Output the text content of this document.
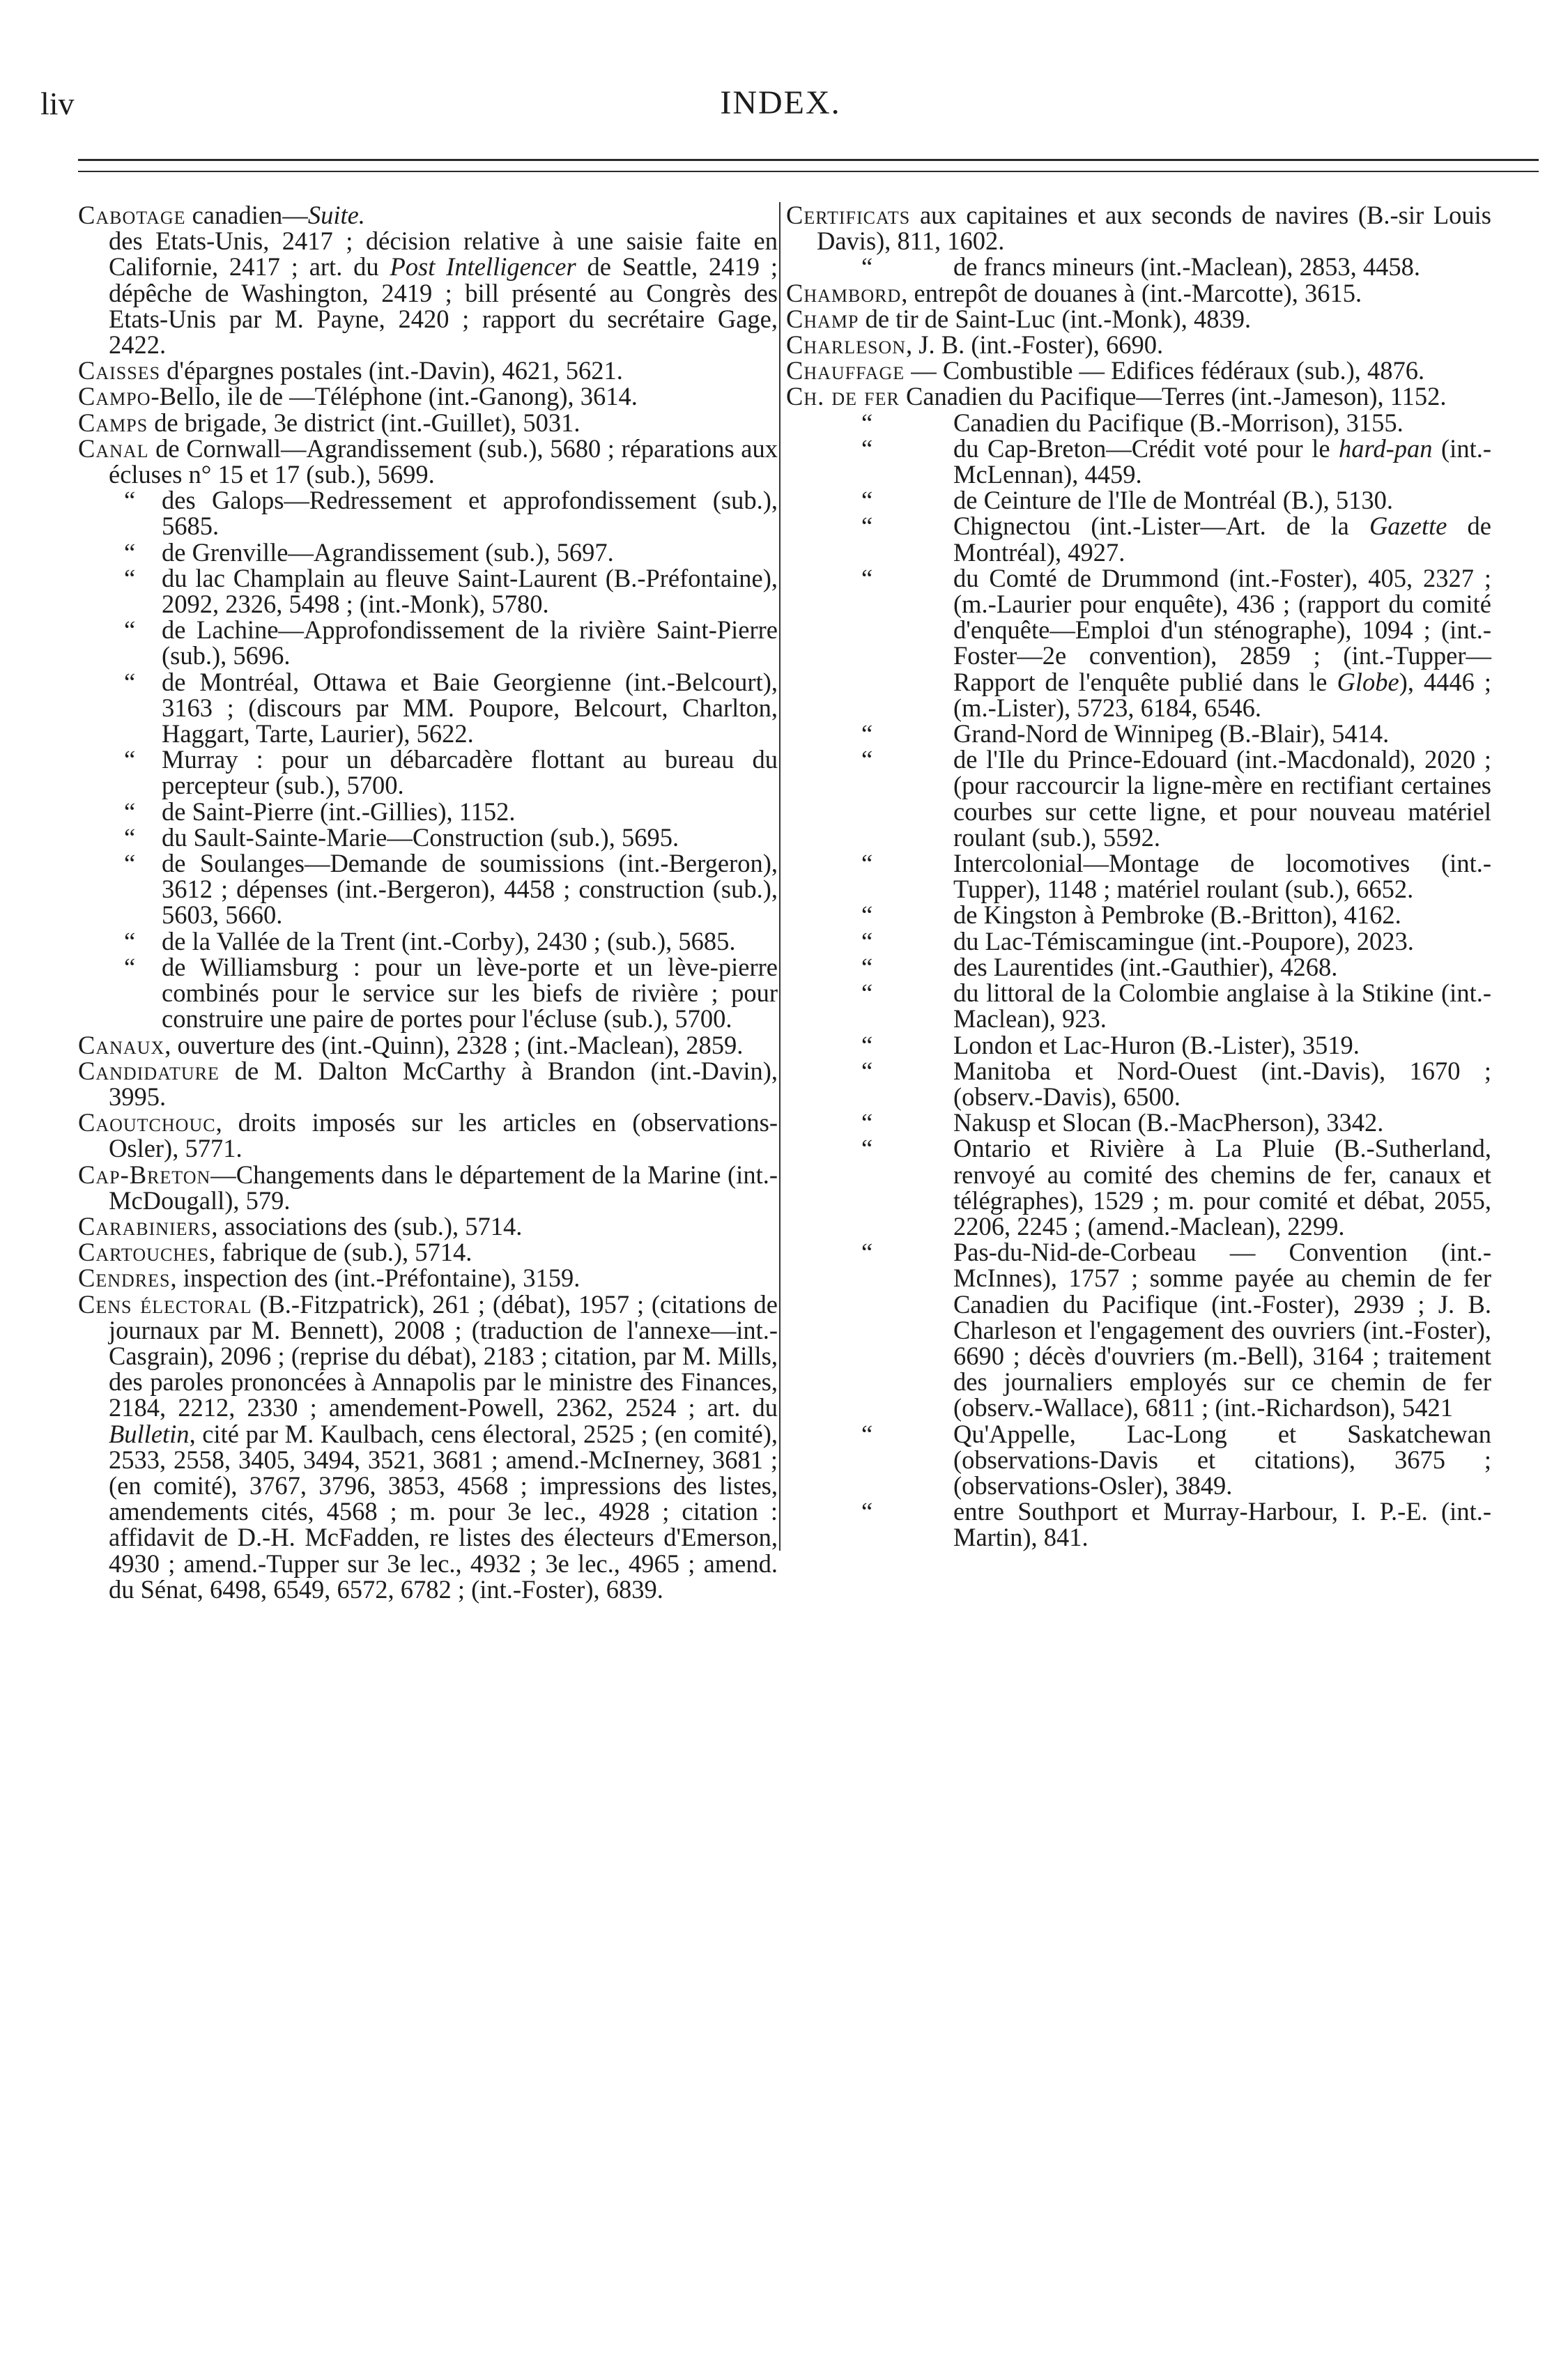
liv	INDEX.

Cabotage canadien—Suite.

des Etats-Unis, 2417 ; décision relative à une saisie faite en Californie, 2417 ; art. du Post Intelligencer de Seattle, 2419 ; dépêche de Washington, 2419 ; bill présenté au Congrès des Etats-Unis par M. Payne, 2420 ; rapport du secrétaire Gage, 2422.

Caisses d'épargnes postales (int.-Davin), 4621, 5621.

Campo-Bello, ile de —Téléphone (int.-Ganong), 3614.

Camps de brigade, 3e district (int.-Guillet), 5031.

Canal de Cornwall—Agrandissement (sub.), 5680 ; réparations aux écluses n° 15 et 17 (sub.), 5699.

“ des Galops—Redressement et approfondissement (sub.), 5685.

“ de Grenville—Agrandissement (sub.), 5697.

“ du lac Champlain au fleuve Saint-Laurent (B.-Préfontaine), 2092, 2326, 5498 ; (int.-Monk), 5780.

“ de Lachine—Approfondissement de la rivière Saint-Pierre (sub.), 5696.

“ de Montréal, Ottawa et Baie Georgienne (int.-Belcourt), 3163 ; (discours par MM. Poupore, Belcourt, Charlton, Haggart, Tarte, Laurier), 5622.

“ Murray : pour un débarcadère flottant au bureau du percepteur (sub.), 5700.

“ de Saint-Pierre (int.-Gillies), 1152.

“ du Sault-Sainte-Marie—Construction (sub.), 5695.

“ de Soulanges—Demande de soumissions (int.-Bergeron), 3612 ; dépenses (int.-Bergeron), 4458 ; construction (sub.), 5603, 5660.

“ de la Vallée de la Trent (int.-Corby), 2430 ; (sub.), 5685.

“ de Williamsburg : pour un lève-porte et un lève-pierre combinés pour le service sur les biefs de rivière ; pour construire une paire de portes pour l'écluse (sub.), 5700.

Canaux, ouverture des (int.-Quinn), 2328 ; (int.-Maclean), 2859.

Candidature de M. Dalton McCarthy à Brandon (int.-Davin), 3995.

Caoutchouc, droits imposés sur les articles en (observations-Osler), 5771.

Cap-Breton—Changements dans le département de la Marine (int.-McDougall), 579.

Carabiniers, associations des (sub.), 5714.

Cartouches, fabrique de (sub.), 5714.

Cendres, inspection des (int.-Préfontaine), 3159.

Cens électoral (B.-Fitzpatrick), 261 ; (débat), 1957 ; (citations de journaux par M. Bennett), 2008 ; (traduction de l'annexe—int.-Casgrain), 2096 ; (reprise du débat), 2183 ; citation, par M. Mills, des paroles prononcées à Annapolis par le ministre des Finances, 2184, 2212, 2330 ; amendement-Powell, 2362, 2524 ; art. du Bulletin, cité par M. Kaulbach, cens électoral, 2525 ; (en comité), 2533, 2558, 3405, 3494, 3521, 3681 ; amend.-McInerney, 3681 ; (en comité), 3767, 3796, 3853, 4568 ; impressions des listes, amendements cités, 4568 ; m. pour 3e lec., 4928 ; citation : affidavit de D.-H. McFadden, re listes des électeurs d'Emerson, 4930 ; amend.-Tupper sur 3e lec., 4932 ; 3e lec., 4965 ; amend. du Sénat, 6498, 6549, 6572, 6782 ; (int.-Foster), 6839.

Certificats aux capitaines et aux seconds de navires (B.-sir Louis Davis), 811, 1602.

“	de francs mineurs (int.-Maclean), 2853, 4458.

Chambord, entrepôt de douanes à (int.-Marcotte), 3615.

Champ de tir de Saint-Luc (int.-Monk), 4839.

Charleson, J. B. (int.-Foster), 6690.

Chauffage — Combustible — Edifices fédéraux (sub.), 4876.

Ch. de fer Canadien du Pacifique—Terres (int.-Jameson), 1152.

“	Canadien du Pacifique (B.-Morrison), 3155.

“	du Cap-Breton—Crédit voté pour le hard-pan (int.-McLennan), 4459.

“	de Ceinture de l'Ile de Montréal (B.), 5130.

“	Chignectou (int.-Lister—Art. de la Gazette de Montréal), 4927.

“	du Comté de Drummond (int.-Foster), 405, 2327 ; (m.-Laurier pour enquête), 436 ; (rapport du comité d'enquête—Emploi d'un sténographe), 1094 ; (int.-Foster—2e convention), 2859 ; (int.-Tupper—Rapport de l'enquête publié dans le Globe), 4446 ; (m.-Lister), 5723, 6184, 6546.

“	Grand-Nord de Winnipeg (B.-Blair), 5414.

“	de l'Ile du Prince-Edouard (int.-Macdonald), 2020 ; (pour raccourcir la ligne-mère en rectifiant certaines courbes sur cette ligne, et pour nouveau matériel roulant (sub.), 5592.

“	Intercolonial—Montage de locomotives (int.-Tupper), 1148 ; matériel roulant (sub.), 6652.

“	de Kingston à Pembroke (B.-Britton), 4162.

“	du Lac-Témiscamingue (int.-Poupore), 2023.

“	des Laurentides (int.-Gauthier), 4268.

“	du littoral de la Colombie anglaise à la Stikine (int.-Maclean), 923.

“	London et Lac-Huron (B.-Lister), 3519.

“	Manitoba et Nord-Ouest (int.-Davis), 1670 ; (observ.-Davis), 6500.

“	Nakusp et Slocan (B.-MacPherson), 3342.

“	Ontario et Rivière à La Pluie (B.-Sutherland, renvoyé au comité des chemins de fer, canaux et télégraphes), 1529 ; m. pour comité et débat, 2055, 2206, 2245 ; (amend.-Maclean), 2299.

“	Pas-du-Nid-de-Corbeau — Convention (int.-McInnes), 1757 ; somme payée au chemin de fer Canadien du Pacifique (int.-Foster), 2939 ; J. B. Charleson et l'engagement des ouvriers (int.-Foster), 6690 ; décès d'ouvriers (m.-Bell), 3164 ; traitement des journaliers employés sur ce chemin de fer (observ.-Wallace), 6811 ; (int.-Richardson), 5421

“	Qu'Appelle, Lac-Long et Saskatchewan (observations-Davis et citations), 3675 ; (observations-Osler), 3849.

“	entre Southport et Murray-Harbour, I. P.-E. (int.-Martin), 841.
